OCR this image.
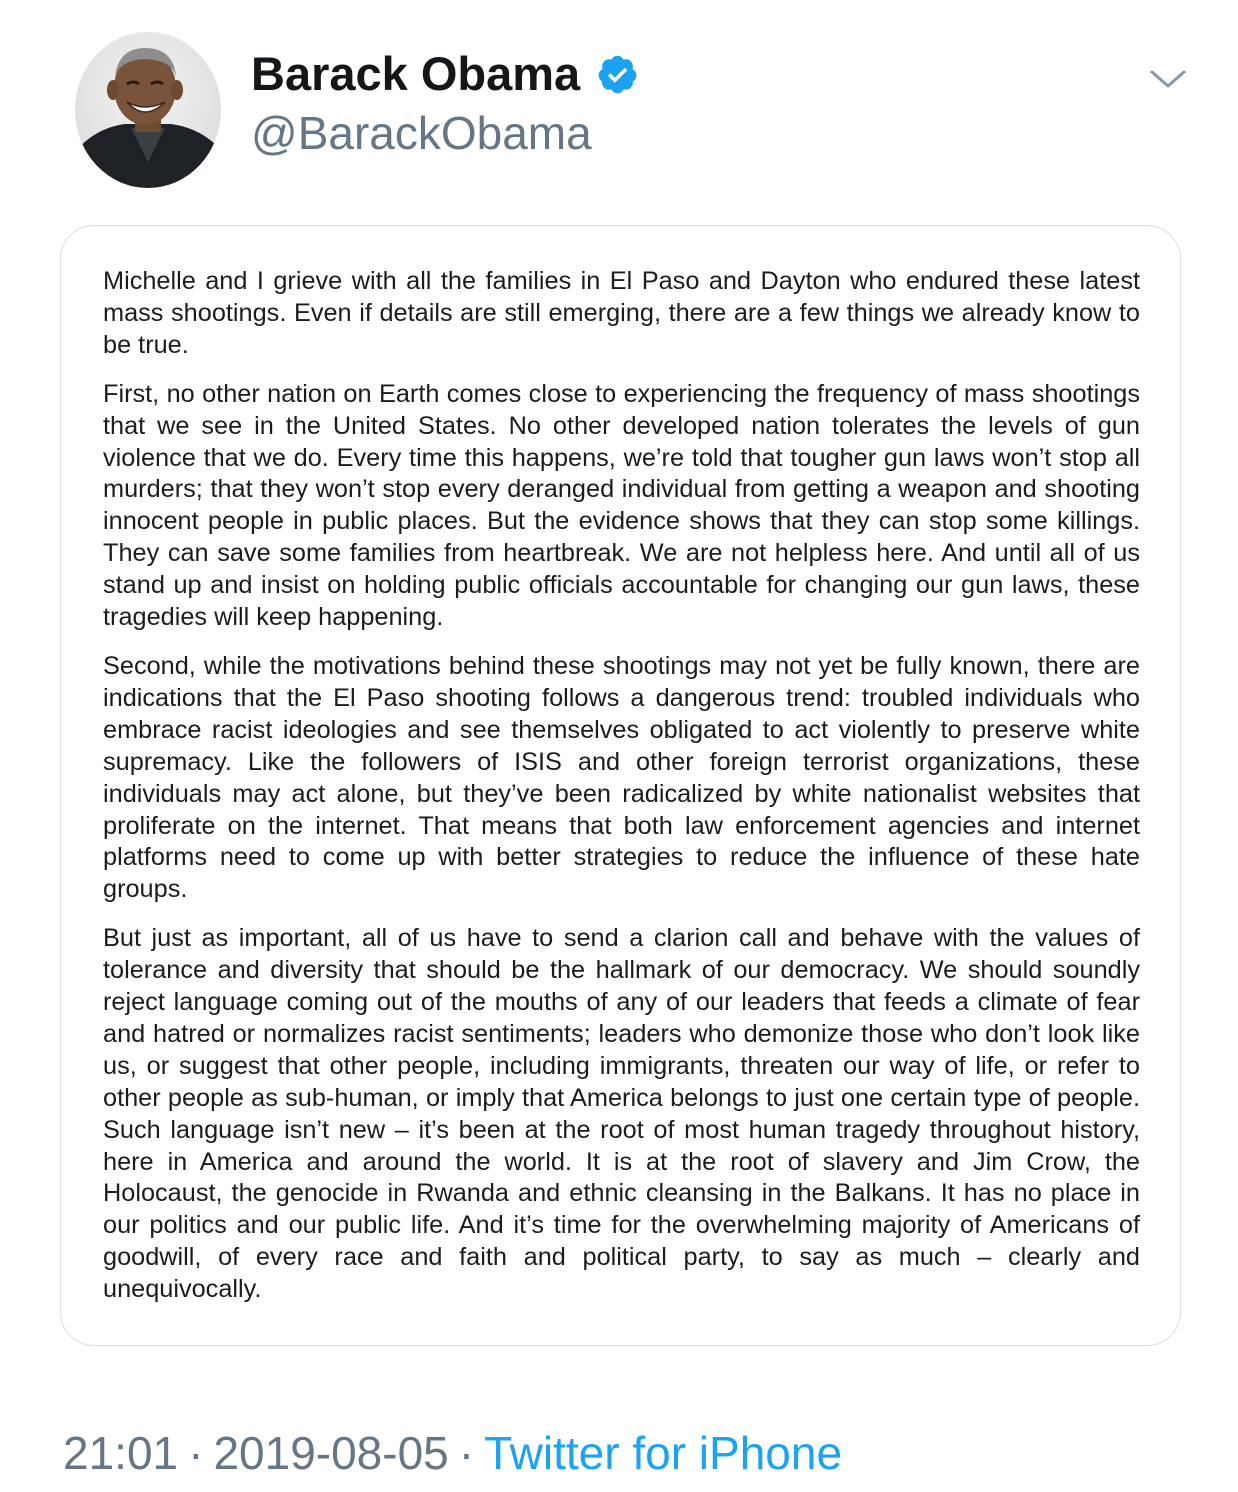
Barack Obama
@BarackObama

Michelle and I grieve with all the families in El Paso and Dayton who endured these latest mass shootings. Even if details are still emerging, there are a few things we already know to be true.

First, no other nation on Earth comes close to experiencing the frequency of mass shootings that we see in the United States. No other developed nation tolerates the levels of gun violence that we do. Every time this happens, we’re told that tougher gun laws won’t stop all murders; that they won’t stop every deranged individual from getting a weapon and shooting innocent people in public places. But the evidence shows that they can stop some killings. They can save some families from heartbreak. We are not helpless here. And until all of us stand up and insist on holding public officials accountable for changing our gun laws, these tragedies will keep happening.

Second, while the motivations behind these shootings may not yet be fully known, there are indications that the El Paso shooting follows a dangerous trend: troubled individuals who embrace racist ideologies and see themselves obligated to act violently to preserve white supremacy. Like the followers of ISIS and other foreign terrorist organizations, these individuals may act alone, but they’ve been radicalized by white nationalist websites that proliferate on the internet. That means that both law enforcement agencies and internet platforms need to come up with better strategies to reduce the influence of these hate groups.

But just as important, all of us have to send a clarion call and behave with the values of tolerance and diversity that should be the hallmark of our democracy. We should soundly reject language coming out of the mouths of any of our leaders that feeds a climate of fear and hatred or normalizes racist sentiments; leaders who demonize those who don’t look like us, or suggest that other people, including immigrants, threaten our way of life, or refer to other people as sub-human, or imply that America belongs to just one certain type of people. Such language isn’t new – it’s been at the root of most human tragedy throughout history, here in America and around the world. It is at the root of slavery and Jim Crow, the Holocaust, the genocide in Rwanda and ethnic cleansing in the Balkans. It has no place in our politics and our public life. And it’s time for the overwhelming majority of Americans of goodwill, of every race and faith and political party, to say as much – clearly and unequivocally.

21:01 · 2019-08-05 · Twitter for iPhone
